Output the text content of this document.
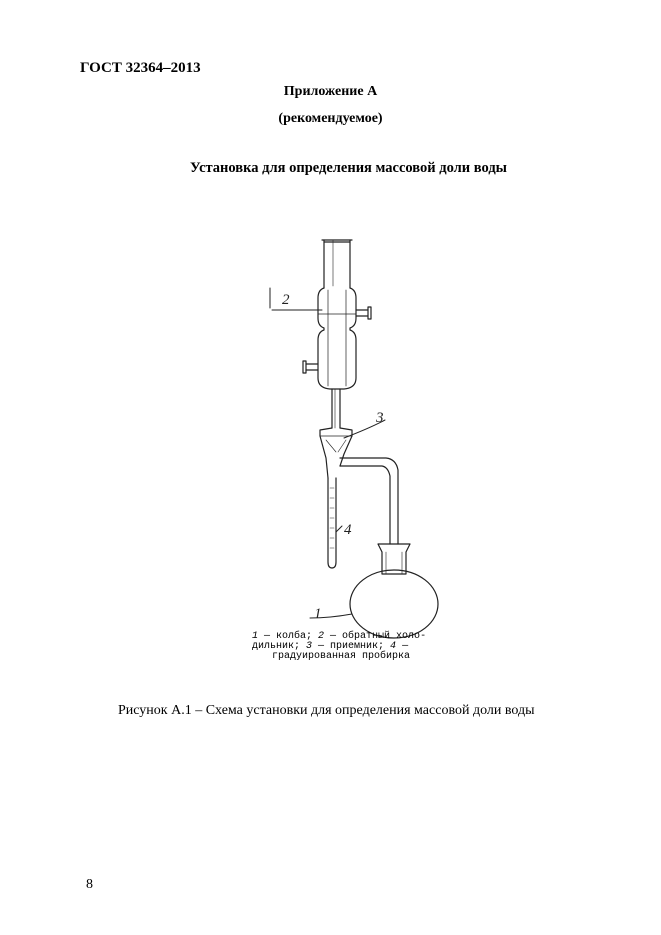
ГОСТ 32364–2013
Приложение А
(рекомендуемое)
Установка для определения массовой доли воды
2
3
4
1
1 — колба; 2 — обратный холо-
дильник; 3 — приемник; 4 —
градуированная пробирка
Рисунок А.1 – Схема установки для определения массовой доли воды
8
